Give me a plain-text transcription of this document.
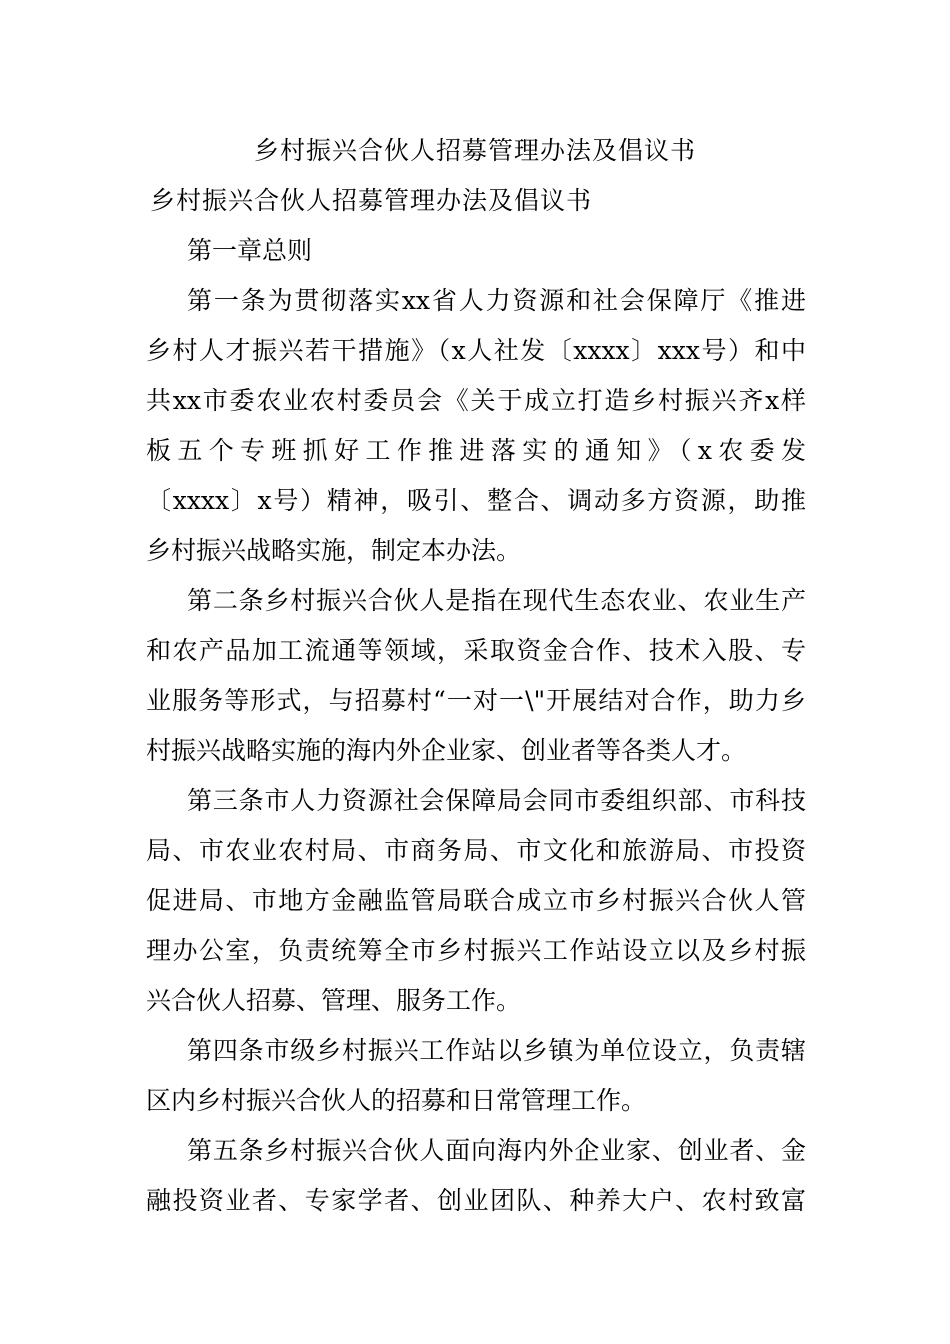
乡村振兴合伙人招募管理办法及倡议书
乡村振兴合伙人招募管理办法及倡议书
第一章总则
第一条为贯彻落实xx省人力资源和社会保障厅《推进
乡村人才振兴若干措施》（x人社发〔xxxx〕xxx号）和中
共xx市委农业农村委员会《关于成立打造乡村振兴齐x样
板五个专班抓好工作推进落实的通知》（x农委发
〔xxxx〕x号）精神，吸引、整合、调动多方资源，助推
乡村振兴战略实施，制定本办法。
第二条乡村振兴合伙人是指在现代生态农业、农业生产
和农产品加工流通等领域，采取资金合作、技术入股、专
业服务等形式，与招募村“一对一\"开展结对合作，助力乡
村振兴战略实施的海内外企业家、创业者等各类人才。
第三条市人力资源社会保障局会同市委组织部、市科技
局、市农业农村局、市商务局、市文化和旅游局、市投资
促进局、市地方金融监管局联合成立市乡村振兴合伙人管
理办公室，负责统筹全市乡村振兴工作站设立以及乡村振
兴合伙人招募、管理、服务工作。
第四条市级乡村振兴工作站以乡镇为单位设立，负责辖
区内乡村振兴合伙人的招募和日常管理工作。
第五条乡村振兴合伙人面向海内外企业家、创业者、金
融投资业者、专家学者、创业团队、种养大户、农村致富
